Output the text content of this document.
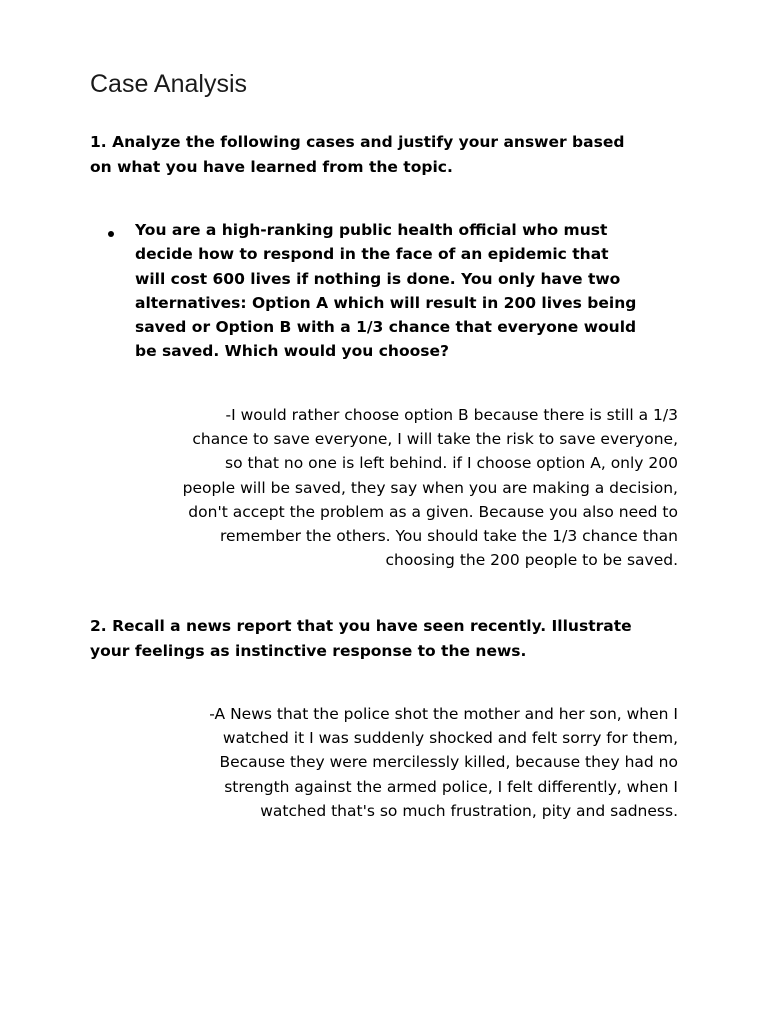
Case Analysis

1. Analyze the following cases and justify your answer based
on what you have learned from the topic.

You are a high-ranking public health official who must
decide how to respond in the face of an epidemic that
will cost 600 lives if nothing is done. You only have two
alternatives: Option A which will result in 200 lives being
saved or Option B with a 1/3 chance that everyone would
be saved. Which would you choose?

-I would rather choose option B because there is still a 1/3
chance to save everyone, I will take the risk to save everyone,
so that no one is left behind. if I choose option A, only 200
people will be saved, they say when you are making a decision,
don't accept the problem as a given. Because you also need to
remember the others. You should take the 1/3 chance than
choosing the 200 people to be saved.

2. Recall a news report that you have seen recently. Illustrate
your feelings as instinctive response to the news.

-A News that the police shot the mother and her son, when I
watched it I was suddenly shocked and felt sorry for them,
Because they were mercilessly killed, because they had no
strength against the armed police, I felt differently, when I
watched that's so much frustration, pity and sadness.
